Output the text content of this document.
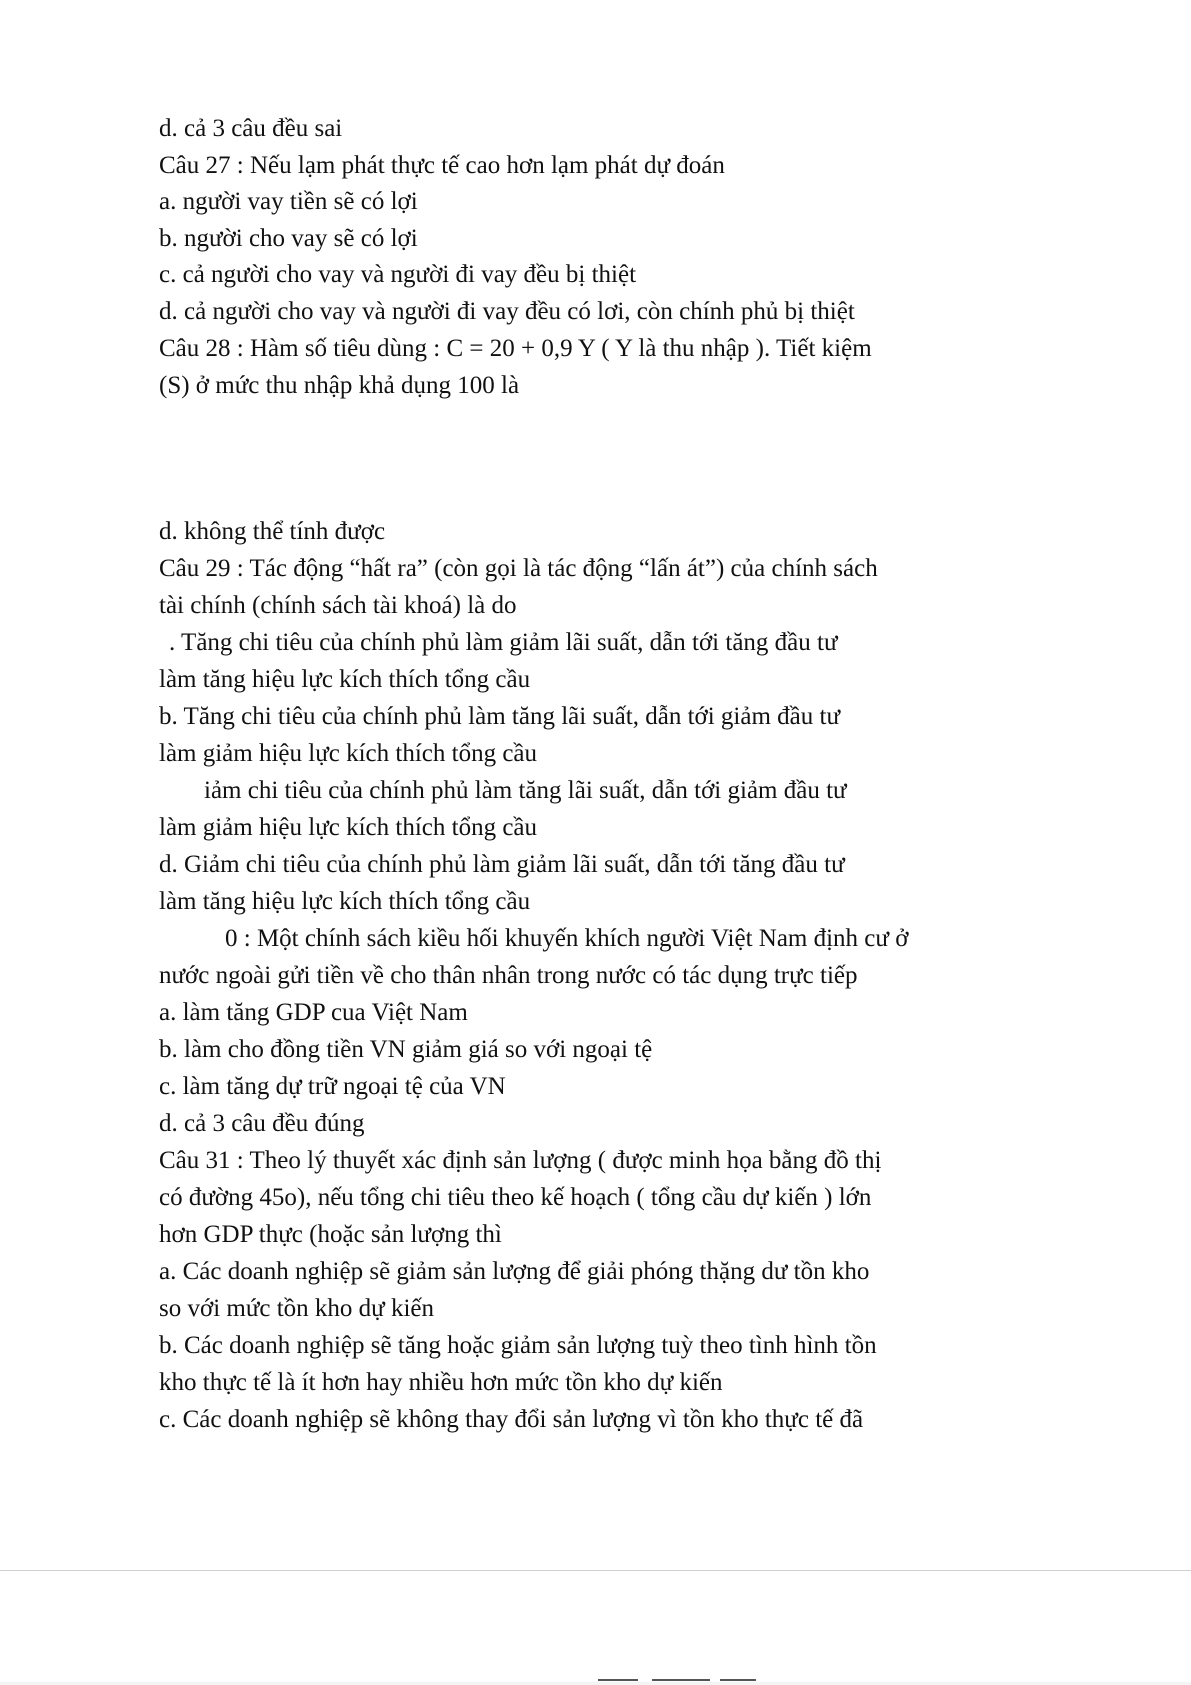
d. cả 3 câu đều sai
Câu 27 : Nếu lạm phát thực tế cao hơn lạm phát dự đoán
a. người vay tiền sẽ có lợi
b. người cho vay sẽ có lợi
c. cả người cho vay và người đi vay đều bị thiệt
d. cả người cho vay và người đi vay đều có lơi, còn chính phủ bị thiệt
Câu 28 : Hàm số tiêu dùng : C = 20 + 0,9 Y ( Y là thu nhập ). Tiết kiệm
(S) ở mức thu nhập khả dụng 100 là
d. không thể tính được
Câu 29 : Tác động “hất ra” (còn gọi là tác động “lấn át”) của chính sách
tài chính (chính sách tài khoá) là do
. Tăng chi tiêu của chính phủ làm giảm lãi suất, dẫn tới tăng đầu tư
làm tăng hiệu lực kích thích tổng cầu
b. Tăng chi tiêu của chính phủ làm tăng lãi suất, dẫn tới giảm đầu tư
làm giảm hiệu lực kích thích tổng cầu
iảm chi tiêu của chính phủ làm tăng lãi suất, dẫn tới giảm đầu tư
làm giảm hiệu lực kích thích tổng cầu
d. Giảm chi tiêu của chính phủ làm giảm lãi suất, dẫn tới tăng đầu tư
làm tăng hiệu lực kích thích tổng cầu
0 : Một chính sách kiều hối khuyến khích người Việt Nam định cư ở
nước ngoài gửi tiền về cho thân nhân trong nước có tác dụng trực tiếp
a. làm tăng GDP cua Việt Nam
b. làm cho đồng tiền VN giảm giá so với ngoại tệ
c. làm tăng dự trữ ngoại tệ của VN
d. cả 3 câu đều đúng
Câu 31 : Theo lý thuyết xác định sản lượng ( được minh họa bằng đồ thị
có đường 45o), nếu tổng chi tiêu theo kế hoạch ( tổng cầu dự kiến ) lớn
hơn GDP thực (hoặc sản lượng thì
a. Các doanh nghiệp sẽ giảm sản lượng để giải phóng thặng dư tồn kho
so với mức tồn kho dự kiến
b. Các doanh nghiệp sẽ tăng hoặc giảm sản lượng tuỳ theo tình hình tồn
kho thực tế là ít hơn hay nhiều hơn mức tồn kho dự kiến
c. Các doanh nghiệp sẽ không thay đổi sản lượng vì tồn kho thực tế đã
